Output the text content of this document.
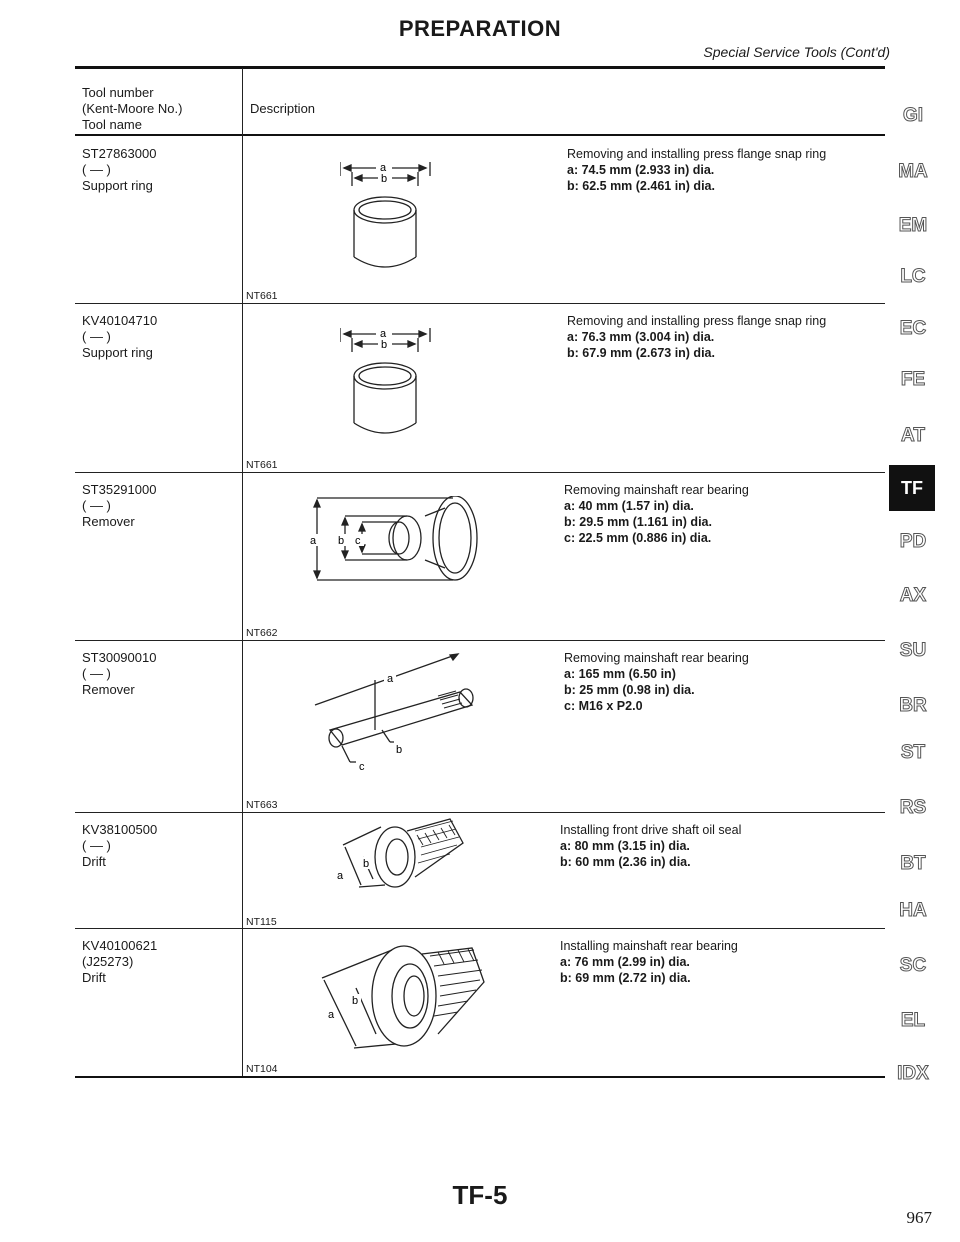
PREPARATION
Special Service Tools (Cont'd)
Tool number
(Kent-Moore No.)
Tool name
Description
ST27863000
( — )
Support ring
a
b
NT661
Removing and installing press flange snap ring
a: 74.5 mm (2.933 in) dia.
b: 62.5 mm (2.461 in) dia.
KV40104710
( — )
Support ring
a
b
NT661
Removing and installing press flange snap ring
a: 76.3 mm (3.004 in) dia.
b: 67.9 mm (2.673 in) dia.
ST35291000
( — )
Remover
a b c
NT662
Removing mainshaft rear bearing
a: 40 mm (1.57 in) dia.
b: 29.5 mm (1.161 in) dia.
c: 22.5 mm (0.886 in) dia.
ST30090010
( — )
Remover
a
b
c
NT663
Removing mainshaft rear bearing
a: 165 mm (6.50 in)
b: 25 mm (0.98 in) dia.
c: M16 x P2.0
KV38100500
( — )
Drift
a
b
NT115
Installing front drive shaft oil seal
a: 80 mm (3.15 in) dia.
b: 60 mm (2.36 in) dia.
KV40100621
(J25273)
Drift
a
b
NT104
Installing mainshaft rear bearing
a: 76 mm (2.99 in) dia.
b: 69 mm (2.72 in) dia.
GI
MA
EM
LC
EC
FE
AT
TF
PD
AX
SU
BR
ST
RS
BT
HA
SC
EL
IDX
TF-5
967
